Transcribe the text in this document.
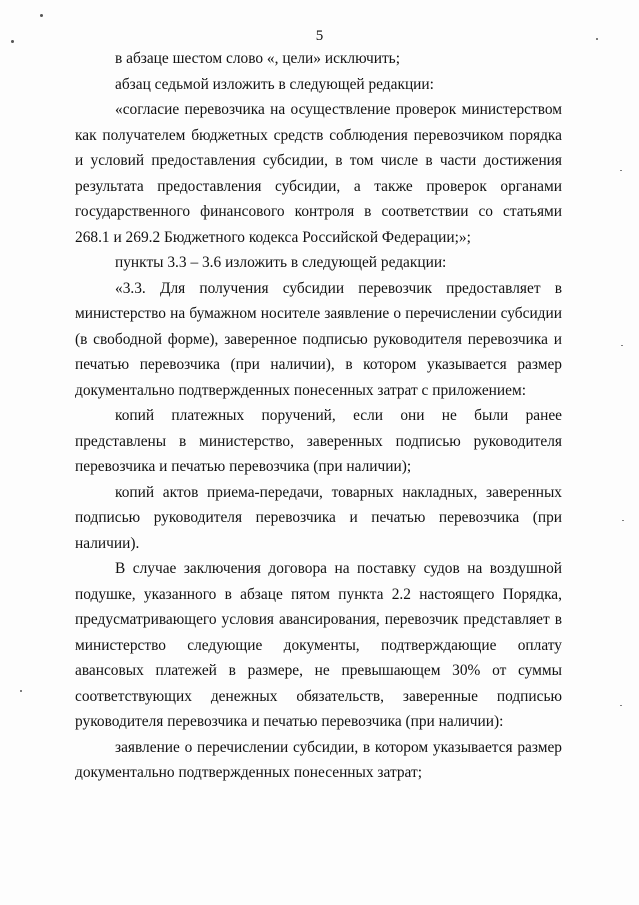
5

в абзаце шестом слово «, цели» исключить;

абзац седьмой изложить в следующей редакции:

«согласие перевозчика на осуществление проверок министерством как получателем бюджетных средств соблюдения перевозчиком порядка и условий предоставления субсидии, в том числе в части достижения результата предоставления субсидии, а также проверок органами государственного финансового контроля в соответствии со статьями 268.1 и 269.2 Бюджетного кодекса Российской Федерации;»;

пункты 3.3 – 3.6 изложить в следующей редакции:

«3.3. Для получения субсидии перевозчик предоставляет в министерство на бумажном носителе заявление о перечислении субсидии (в свободной форме), заверенное подписью руководителя перевозчика и печатью перевозчика (при наличии), в котором указывается размер документально подтвержденных понесенных затрат с приложением:

копий платежных поручений, если они не были ранее представлены в министерство, заверенных подписью руководителя перевозчика и печатью перевозчика (при наличии);

копий актов приема-передачи, товарных накладных, заверенных подписью руководителя перевозчика и печатью перевозчика (при наличии).

В случае заключения договора на поставку судов на воздушной подушке, указанного в абзаце пятом пункта 2.2 настоящего Порядка, предусматривающего условия авансирования, перевозчик представляет в министерство следующие документы, подтверждающие оплату авансовых платежей в размере, не превышающем 30% от суммы соответствующих денежных обязательств, заверенные подписью руководителя перевозчика и печатью перевозчика (при наличии):

заявление о перечислении субсидии, в котором указывается размер документально подтвержденных понесенных затрат;
